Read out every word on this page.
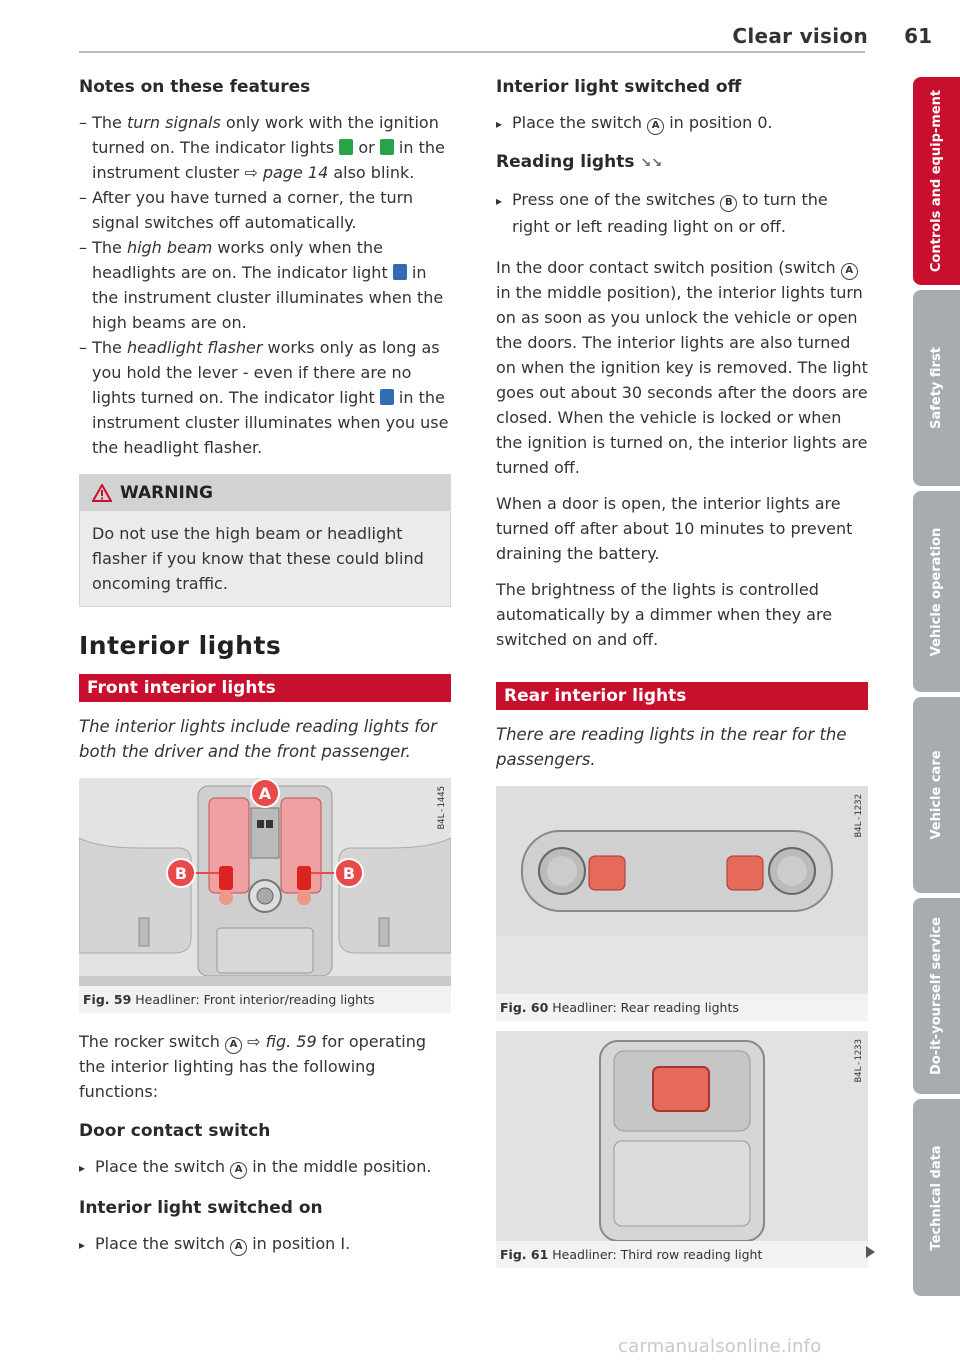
Clear vision 61
Notes on these features
– The turn signals only work with the ignition turned on. The indicator lights  or  in the instrument cluster ⇨ page 14 also blink.
– After you have turned a corner, the turn signal switches off automatically.
– The high beam works only when the headlights are on. The indicator light  in the instrument cluster illuminates when the high beams are on.
– The headlight flasher works only as long as you hold the lever - even if there are no lights turned on. The indicator light  in the instrument cluster illuminates when you use the headlight flasher.
WARNING
Do not use the high beam or headlight flasher if you know that these could blind oncoming traffic.
Interior lights
Front interior lights
The interior lights include reading lights for both the driver and the front passenger.
A
B	B
B4L-1445
Fig. 59 Headliner: Front interior/reading lights

The rocker switch A ⇨ fig. 59 for operating the interior lighting has the following functions:

Door contact switch
▸ Place the switch A in the middle position.
Interior light switched on
▸ Place the switch A in position I.
Interior light switched off
▸ Place the switch A in position 0.
Reading lights ↘↘
▸ Press one of the switches B to turn the right or left reading light on or off.

In the door contact switch position (switch A in the middle position), the interior lights turn on as soon as you unlock the vehicle or open the doors. The interior lights are also turned on when the ignition key is removed. The light goes out about 30 seconds after the doors are closed. When the vehicle is locked or when the ignition is turned on, the interior lights are turned off.

When a door is open, the interior lights are turned off after about 10 minutes to prevent draining the battery.

The brightness of the lights is controlled automatically by a dimmer when they are switched on and off.

Rear interior lights
There are reading lights in the rear for the passengers.
B4L-1232
Fig. 60 Headliner: Rear reading lights
B4L-1233
Fig. 61 Headliner: Third row reading light
Controls and equip-ment
Safety first
Vehicle operation
Vehicle care
Do-it-yourself service
Technical data
carmanualsonline.info
